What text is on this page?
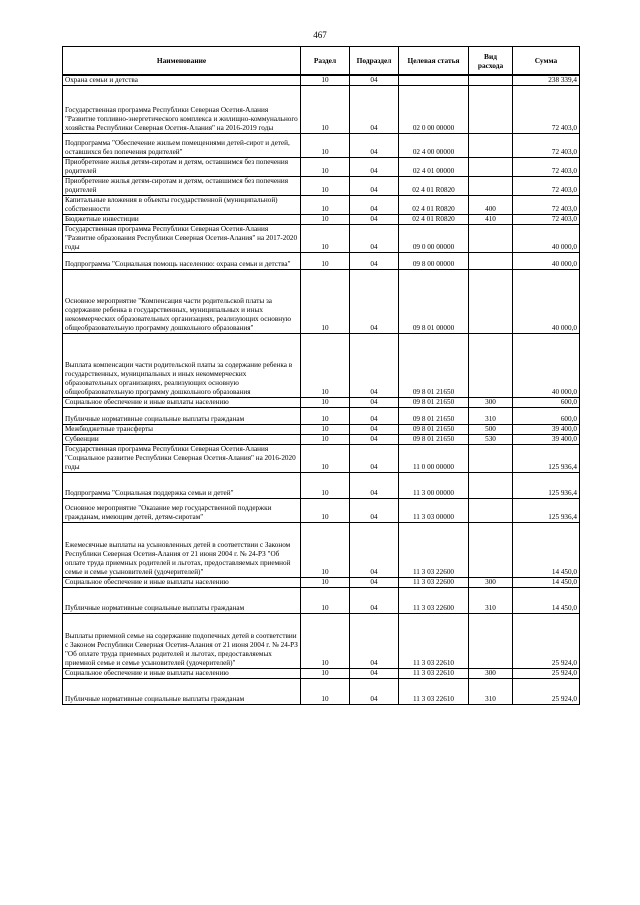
467
Наименование	Раздел	Подраздел	Целевая статья	Вид расхода	Сумма
Охрана семьи и детства	10	04			238 339,4
Государственная программа Республики Северная Осетия-Алания "Развитие топливно-энергетического комплекса и жилищно-коммунального хозяйства Республики Северная Осетия-Алания" на 2016-2019 годы	10	04	02 0 00 00000		72 403,0
Подпрограмма "Обеспечение жильем помещениями детей-сирот и детей, оставшихся без попечения родителей"	10	04	02 4 00 00000		72 403,0
Приобретение жилья детям-сиротам и детям, оставшимся без попечения родителей	10	04	02 4 01 00000		72 403,0
Приобретение жилья детям-сиротам и детям, оставшимся без попечения родителей	10	04	02 4 01 R0820		72 403,0
Капитальные вложения в объекты государственной (муниципальной) собственности	10	04	02 4 01 R0820	400	72 403,0
Бюджетные инвестиции	10	04	02 4 01 R0820	410	72 403,0
Государственная программа Республики Северная Осетия-Алания "Развитие образования Республики Северная Осетия-Алания" на 2017-2020 годы	10	04	09 0 00 00000		40 000,0
Подпрограмма "Социальная помощь населению: охрана семьи и детства"	10	04	09 8 00 00000		40 000,0
Основное мероприятие "Компенсация части родительской платы за содержание ребенка в государственных, муниципальных и иных некоммерческих образовательных организациях, реализующих основную общеобразовательную программу дошкольного образования"	10	04	09 8 01 00000		40 000,0
Выплата компенсации части родительской платы за содержание ребенка в государственных, муниципальных и иных некоммерческих образовательных организациях, реализующих основную общеобразовательную программу дошкольного образования	10	04	09 8 01 21650		40 000,0
Социальное обеспечение и иные выплаты населению	10	04	09 8 01 21650	300	600,0
Публичные нормативные социальные выплаты гражданам	10	04	09 8 01 21650	310	600,0
Межбюджетные трансферты	10	04	09 8 01 21650	500	39 400,0
Субвенции	10	04	09 8 01 21650	530	39 400,0
Государственная программа Республики Северная Осетия-Алания "Социальное развитие Республики Северная Осетия-Алания" на 2016-2020 годы	10	04	11 0 00 00000		125 936,4
Подпрограмма "Социальная поддержка семьи и детей"	10	04	11 3 00 00000		125 936,4
Основное мероприятие "Оказание мер государственной поддержки гражданам, имеющим детей, детям-сиротам"	10	04	11 3 03 00000		125 936,4
Ежемесячные выплаты на усыновленных детей в соответствии с Законом Республики Северная Осетия-Алания от 21 июня 2004 г. № 24-РЗ "Об оплате труда приемных родителей и льготах, предоставляемых приемной семье и семье усыновителей (удочерителей)"	10	04	11 3 03 22600		14 450,0
Социальное обеспечение и иные выплаты населению	10	04	11 3 03 22600	300	14 450,0
Публичные нормативные социальные выплаты гражданам	10	04	11 3 03 22600	310	14 450,0
Выплаты приемной семье на содержание подопечных детей в соответствии с Законом Республики Северная Осетия-Алания от 21 июня 2004 г. № 24-РЗ "Об оплате труда приемных родителей и льготах, предоставляемых приемной семье и семье усыновителей (удочерителей)"	10	04	11 3 03 22610		25 924,0
Социальное обеспечение и иные выплаты населению	10	04	11 3 03 22610	300	25 924,0
Публичные нормативные социальные выплаты гражданам	10	04	11 3 03 22610	310	25 924,0
